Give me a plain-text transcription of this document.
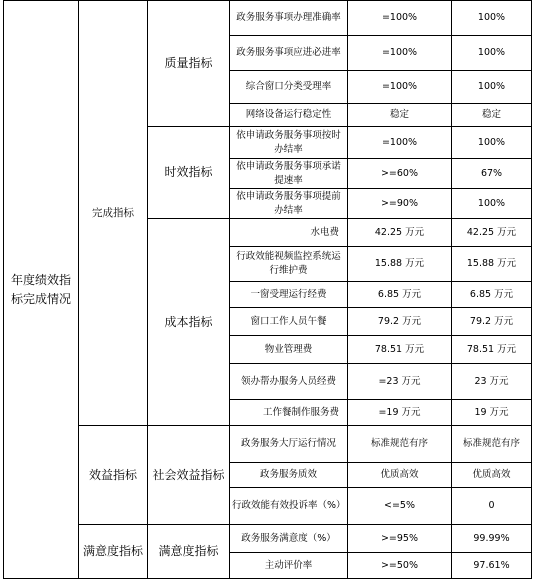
年度绩效指标完成情况	完成指标	质量指标	政务服务事项办理准确率	=100%	100%
			政务服务事项应进必进率	=100%	100%
			综合窗口分类受理率	=100%	100%
			网络设备运行稳定性	稳定	稳定
		时效指标	依申请政务服务事项按时办结率	=100%	100%
			依申请政务服务事项承诺提速率	>=60%	67%
			依申请政务服务事项提前办结率	>=90%	100%
		成本指标	水电费	42.25 万元	42.25 万元
			行政效能视频监控系统运行维护费	15.88 万元	15.88 万元
			一窗受理运行经费	6.85 万元	6.85 万元
			窗口工作人员午餐	79.2 万元	79.2 万元
			物业管理费	78.51 万元	78.51 万元
			领办帮办服务人员经费	=23 万元	23 万元
			工作餐制作服务费	=19 万元	19 万元
	效益指标	社会效益指标	政务服务大厅运行情况	标准规范有序	标准规范有序
			政务服务质效	优质高效	优质高效
			行政效能有效投诉率（%）	<=5%	0
	满意度指标	满意度指标	政务服务满意度（%）	>=95%	99.99%
			主动评价率	>=50%	97.61%
